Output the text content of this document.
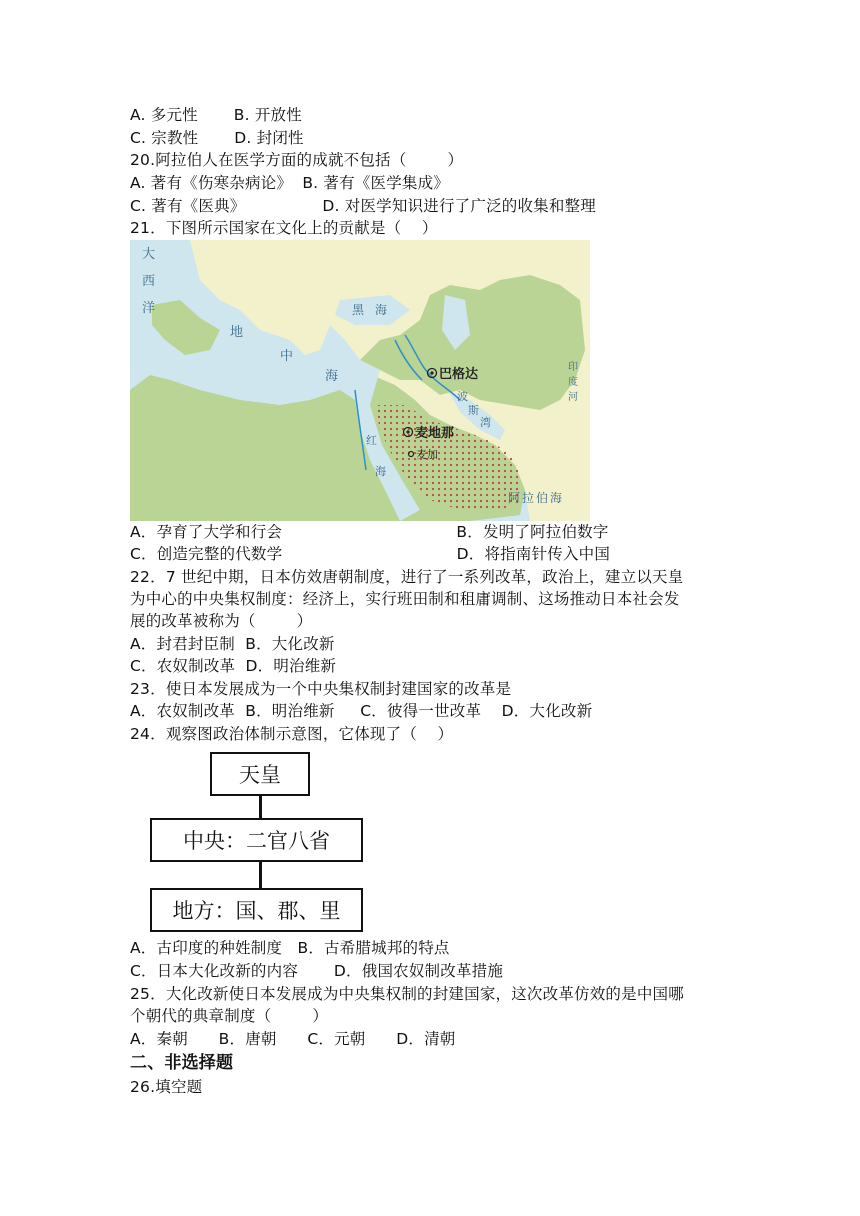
A. 多元性       B. 开放性
C. 宗教性       D. 封闭性
20.阿拉伯人在医学方面的成就不包括（        ）
A. 著有《伤寒杂病论》  B. 著有《医学集成》
C. 著有《医典》               D. 对医学知识进行了广泛的收集和整理
21．下图所示国家在文化上的贡献是（    ）
大
西
洋
地
中
海
黑 海
波
斯
湾
红
海
印
度
河
巴格达
麦地那
麦加
阿拉伯海
A．孕育了大学和行会                                  B．发明了阿拉伯数字
C．创造完整的代数学                                  D．将指南针传入中国
22．7 世纪中期，日本仿效唐朝制度，进行了一系列改革，政治上，建立以天皇
为中心的中央集权制度：经济上，实行班田制和租庸调制、这场推动日本社会发
展的改革被称为（        ）
A．封君封臣制  B．大化改新
C．农奴制改革  D．明治维新
23．使日本发展成为一个中央集权制封建国家的改革是
A．农奴制改革  B．明治维新     C．彼得一世改革    D．大化改新
24．观察图政治体制示意图，它体现了（    ）
天皇
中央：二官八省
地方：国、郡、里
A．古印度的种姓制度   B．古希腊城邦的特点
C．日本大化改新的内容       D．俄国农奴制改革措施
25．大化改新使日本发展成为中央集权制的封建国家，这次改革仿效的是中国哪
个朝代的典章制度（        ）
A．秦朝      B．唐朝      C．元朝      D．清朝
二、非选择题
26.填空题
